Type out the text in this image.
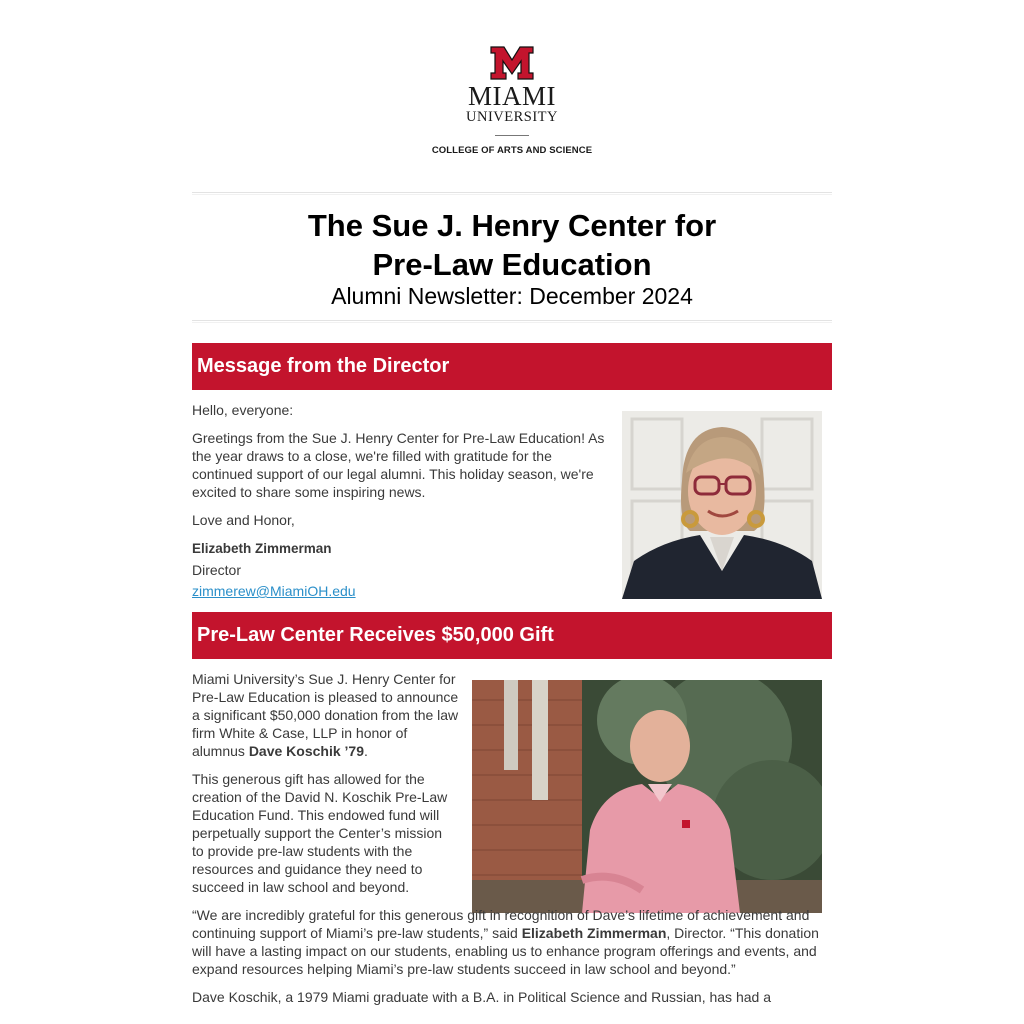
MIAMI
UNIVERSITY
COLLEGE OF ARTS AND SCIENCE
The Sue J. Henry Center for
Pre-Law Education
Alumni Newsletter: December 2024
Message from the Director

Hello, everyone:

Greetings from the Sue J. Henry Center for Pre-Law Education! As the year draws to a close, we're filled with gratitude for the continued support of our legal alumni. This holiday season, we're excited to share some inspiring news.

Love and Honor,

Elizabeth Zimmerman

Director

zimmerew@MiamiOH.edu

Pre-Law Center Receives $50,000 Gift

Miami University’s Sue J. Henry Center for Pre-Law Education is pleased to announce a significant $50,000 donation from the law firm White & Case, LLP in honor of alumnus Dave Koschik ’79.

This generous gift has allowed for the creation of the David N. Koschik Pre-Law Education Fund. This endowed fund will perpetually support the Center’s mission to provide pre-law students with the resources and guidance they need to succeed in law school and beyond.

“We are incredibly grateful for this generous gift in recognition of Dave’s lifetime of achievement and continuing support of Miami’s pre-law students,” said Elizabeth Zimmerman, Director. “This donation will have a lasting impact on our students, enabling us to enhance program offerings and events, and expand resources helping Miami’s pre-law students succeed in law school and beyond.”

Dave Koschik, a 1979 Miami graduate with a B.A. in Political Science and Russian, has had a
